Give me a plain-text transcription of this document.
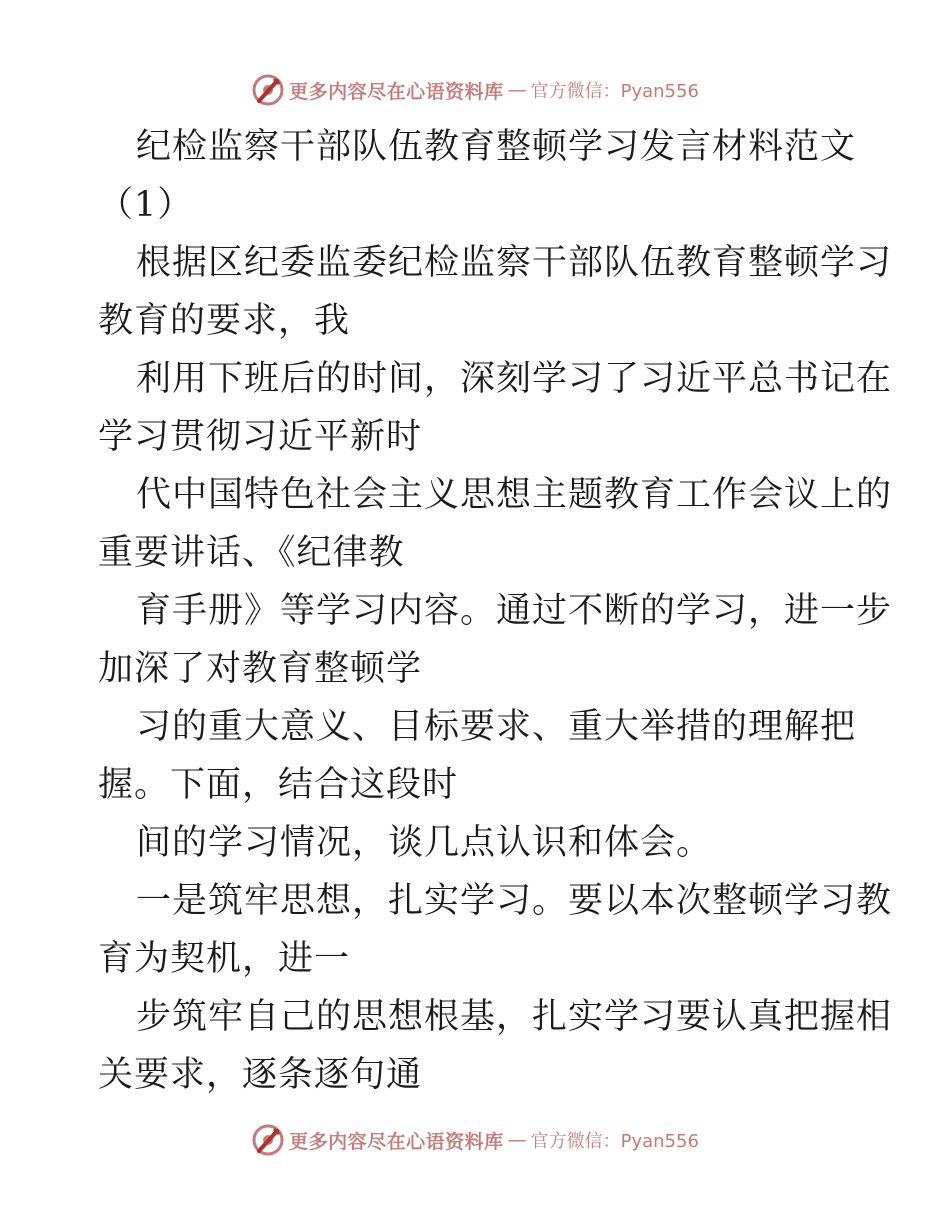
更多内容尽在心语资料库 — 官方微信：Pyan556
纪检监察干部队伍教育整顿学习发言材料范文
（1）
根据区纪委监委纪检监察干部队伍教育整顿学习
教育的要求，我
利用下班后的时间，深刻学习了习近平总书记在
学习贯彻习近平新时
代中国特色社会主义思想主题教育工作会议上的
重要讲话、《纪律教
育手册》等学习内容。通过不断的学习，进一步
加深了对教育整顿学
习的重大意义、目标要求、重大举措的理解把
握。下面，结合这段时
间的学习情况，谈几点认识和体会。
一是筑牢思想，扎实学习。要以本次整顿学习教
育为契机，进一
步筑牢自己的思想根基，扎实学习要认真把握相
关要求，逐条逐句通
更多内容尽在心语资料库 — 官方微信：Pyan556
